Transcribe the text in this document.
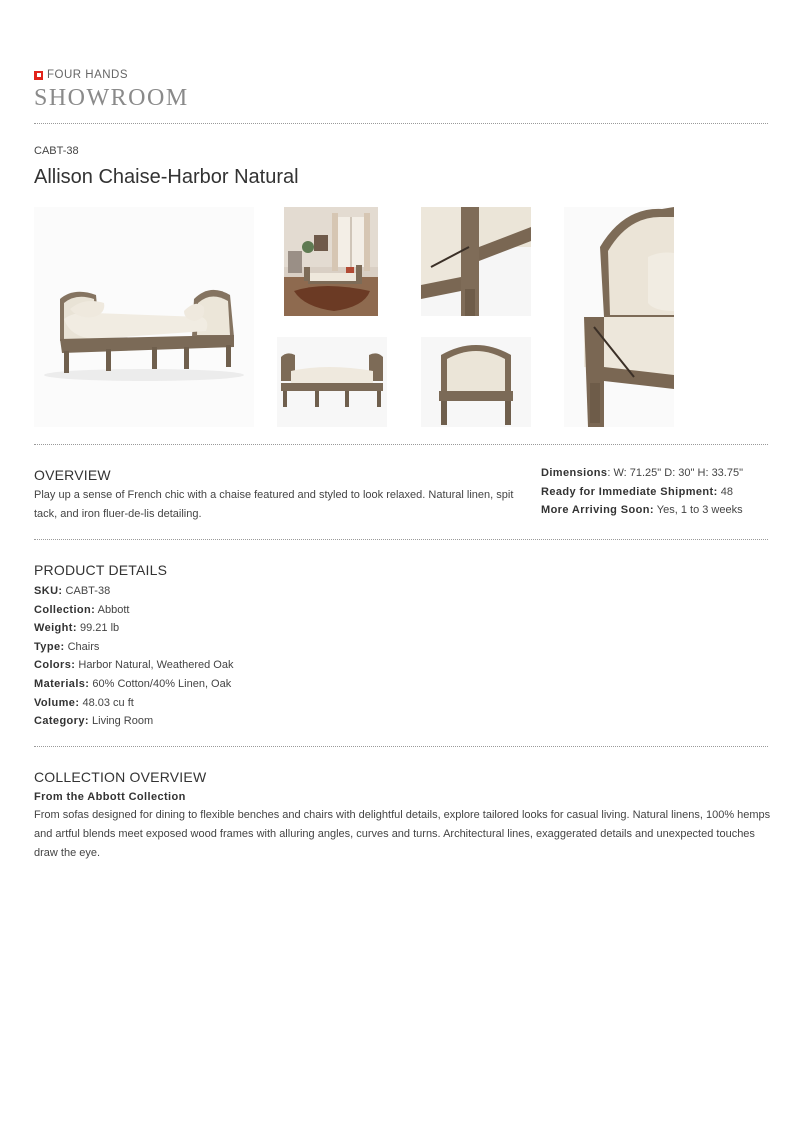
FOUR HANDS
SHOWROOM
CABT-38
Allison Chaise-Harbor Natural
OVERVIEW

Play up a sense of French chic with a chaise featured and styled to look relaxed. Natural linen, spit tack, and iron fluer-de-lis detailing.

Dimensions: W: 71.25" D: 30" H: 33.75"
Ready for Immediate Shipment: 48
More Arriving Soon: Yes, 1 to 3 weeks
PRODUCT DETAILS
SKU: CABT-38
Collection: Abbott
Weight: 99.21 lb
Type: Chairs
Colors: Harbor Natural, Weathered Oak
Materials: 60% Cotton/40% Linen, Oak
Volume: 48.03 cu ft
Category: Living Room
COLLECTION OVERVIEW
From the Abbott Collection

From sofas designed for dining to flexible benches and chairs with delightful details, explore tailored looks for casual living. Natural linens, 100% hemps and artful blends meet exposed wood frames with alluring angles, curves and turns. Architectural lines, exaggerated details and unexpected touches draw the eye.
